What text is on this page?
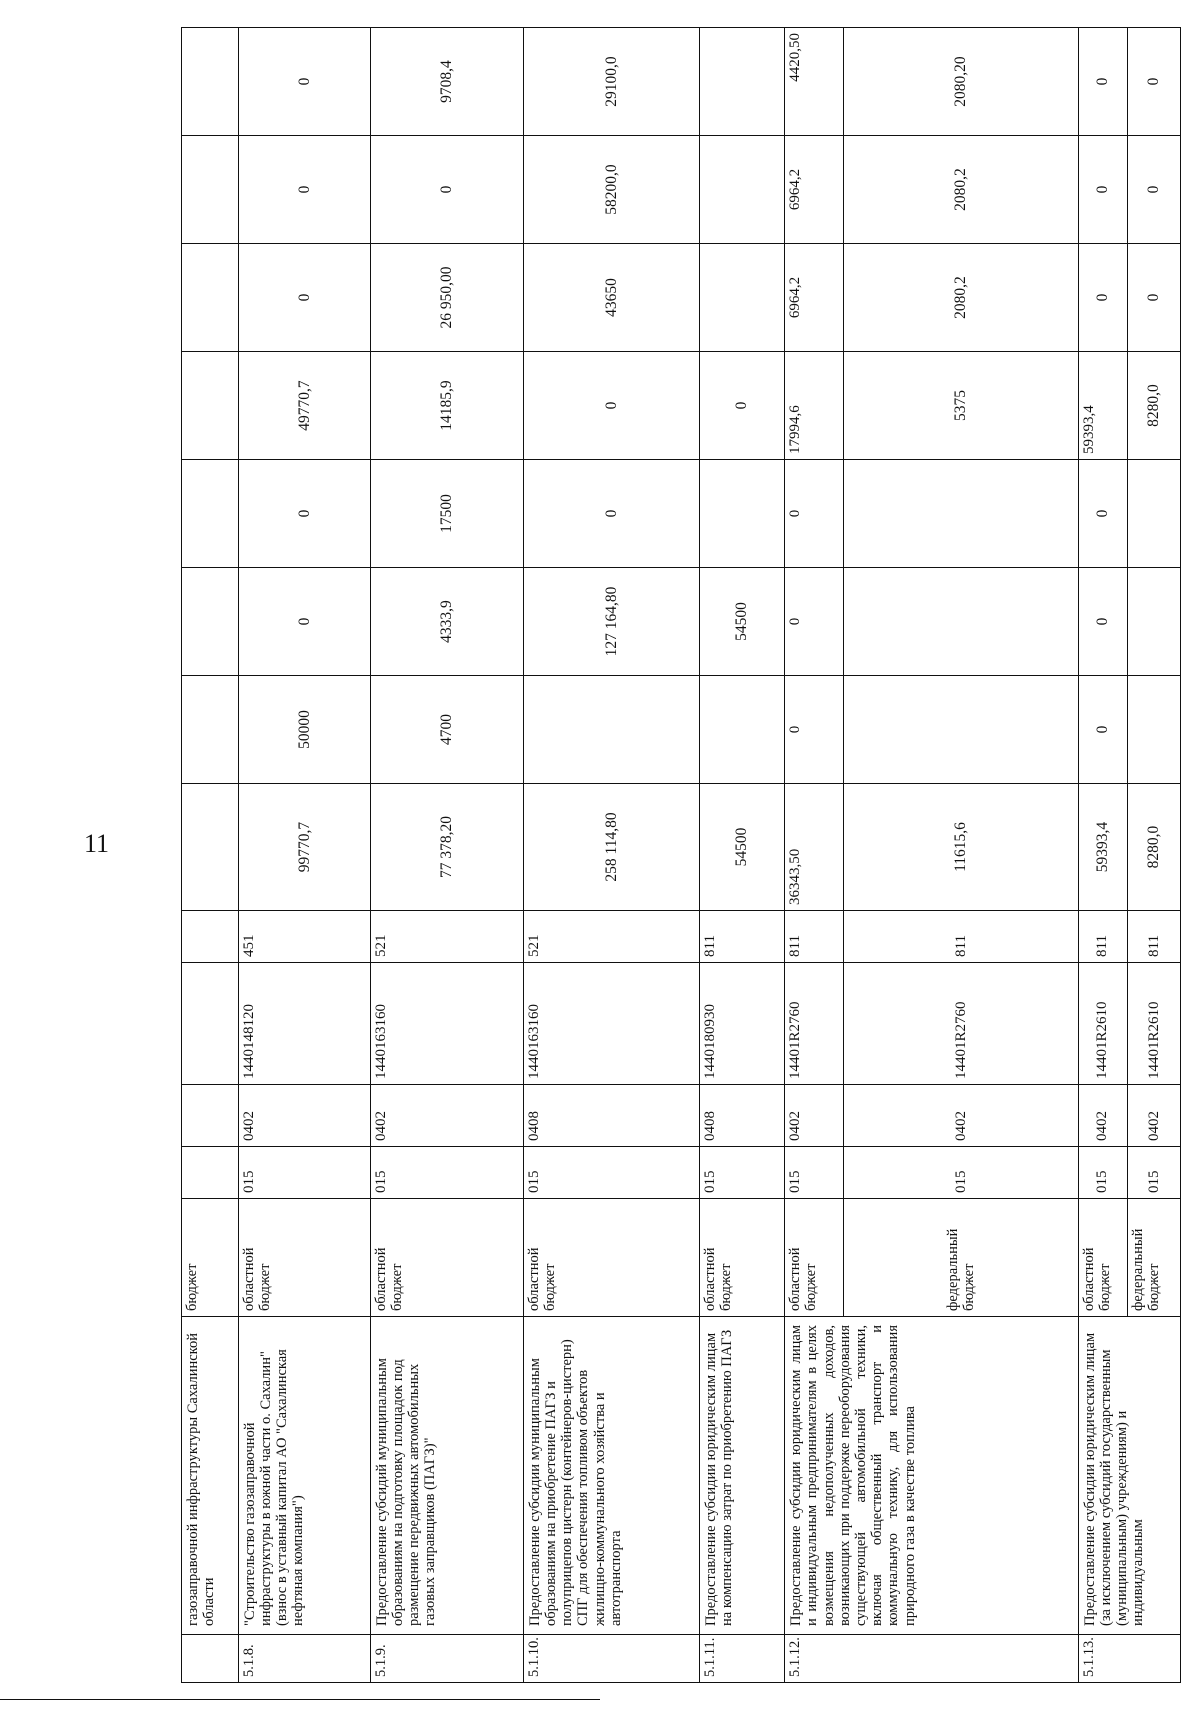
11
	газозаправочной инфраструктуры Сахалинской области	бюджет												
5.1.8.	"Строительство газозаправочной инфраструктуры в южной части о. Сахалин" (взнос в уставный капитал АО "Сахалинская нефтяная компания")	областной бюджет	015	0402	1440148120	451	99770,7	50000	0	0	49770,7	0	0	0
5.1.9.	Предоставление субсидий муниципальным образованиям на подготовку площадок под размещение передвижных автомобильных газовых заправщиков (ПАГЗ)"	областной бюджет	015	0402	1440163160	521	77 378,20	4700	4333,9	17500	14185,9	26 950,00	0	9708,4
5.1.10.	Предоставление субсидии муниципальным образованиям на приобретение ПАГЗ и полуприцепов цистерн (контейнеров-цистерн) СПГ для обеспечения топливом объектов жилищно-коммунального хозяйства и автотранспорта	областной бюджет	015	0408	1440163160	521	258 114,80		127 164,80	0	0	43650	58200,0	29100,0
5.1.11.	Предоставление субсидии юридическим лицам на компенсацию затрат по приобретению ПАГЗ	областной бюджет	015	0408	1440180930	811	54500		54500		0			
5.1.12.	Предоставление субсидии юридическим лицам и индивидуальным предпринимателям в целях возмещения недополученных доходов, возникающих при поддержке переоборудования существующей автомобильной техники, включая общественный транспорт и коммунальную технику, для использования природного газа в качестве топлива	областной бюджет	015	0402	14401R2760	811	36343,50	0	0	0	17994,6	6964,2	6964,2	4420,50
		федеральный бюджет	015	0402	14401R2760	811	11615,6				5375	2080,2	2080,2	2080,20
5.1.13.	Предоставление субсидии юридическим лицам (за исключением субсидий государственным (муниципальным) учреждениям) и индивидуальным	областной бюджет	015	0402	14401R2610	811	59393,4	0	0	0	59393,4	0	0	0
		федеральный бюджет	015	0402	14401R2610	811	8280,0				8280,0	0	0	0
